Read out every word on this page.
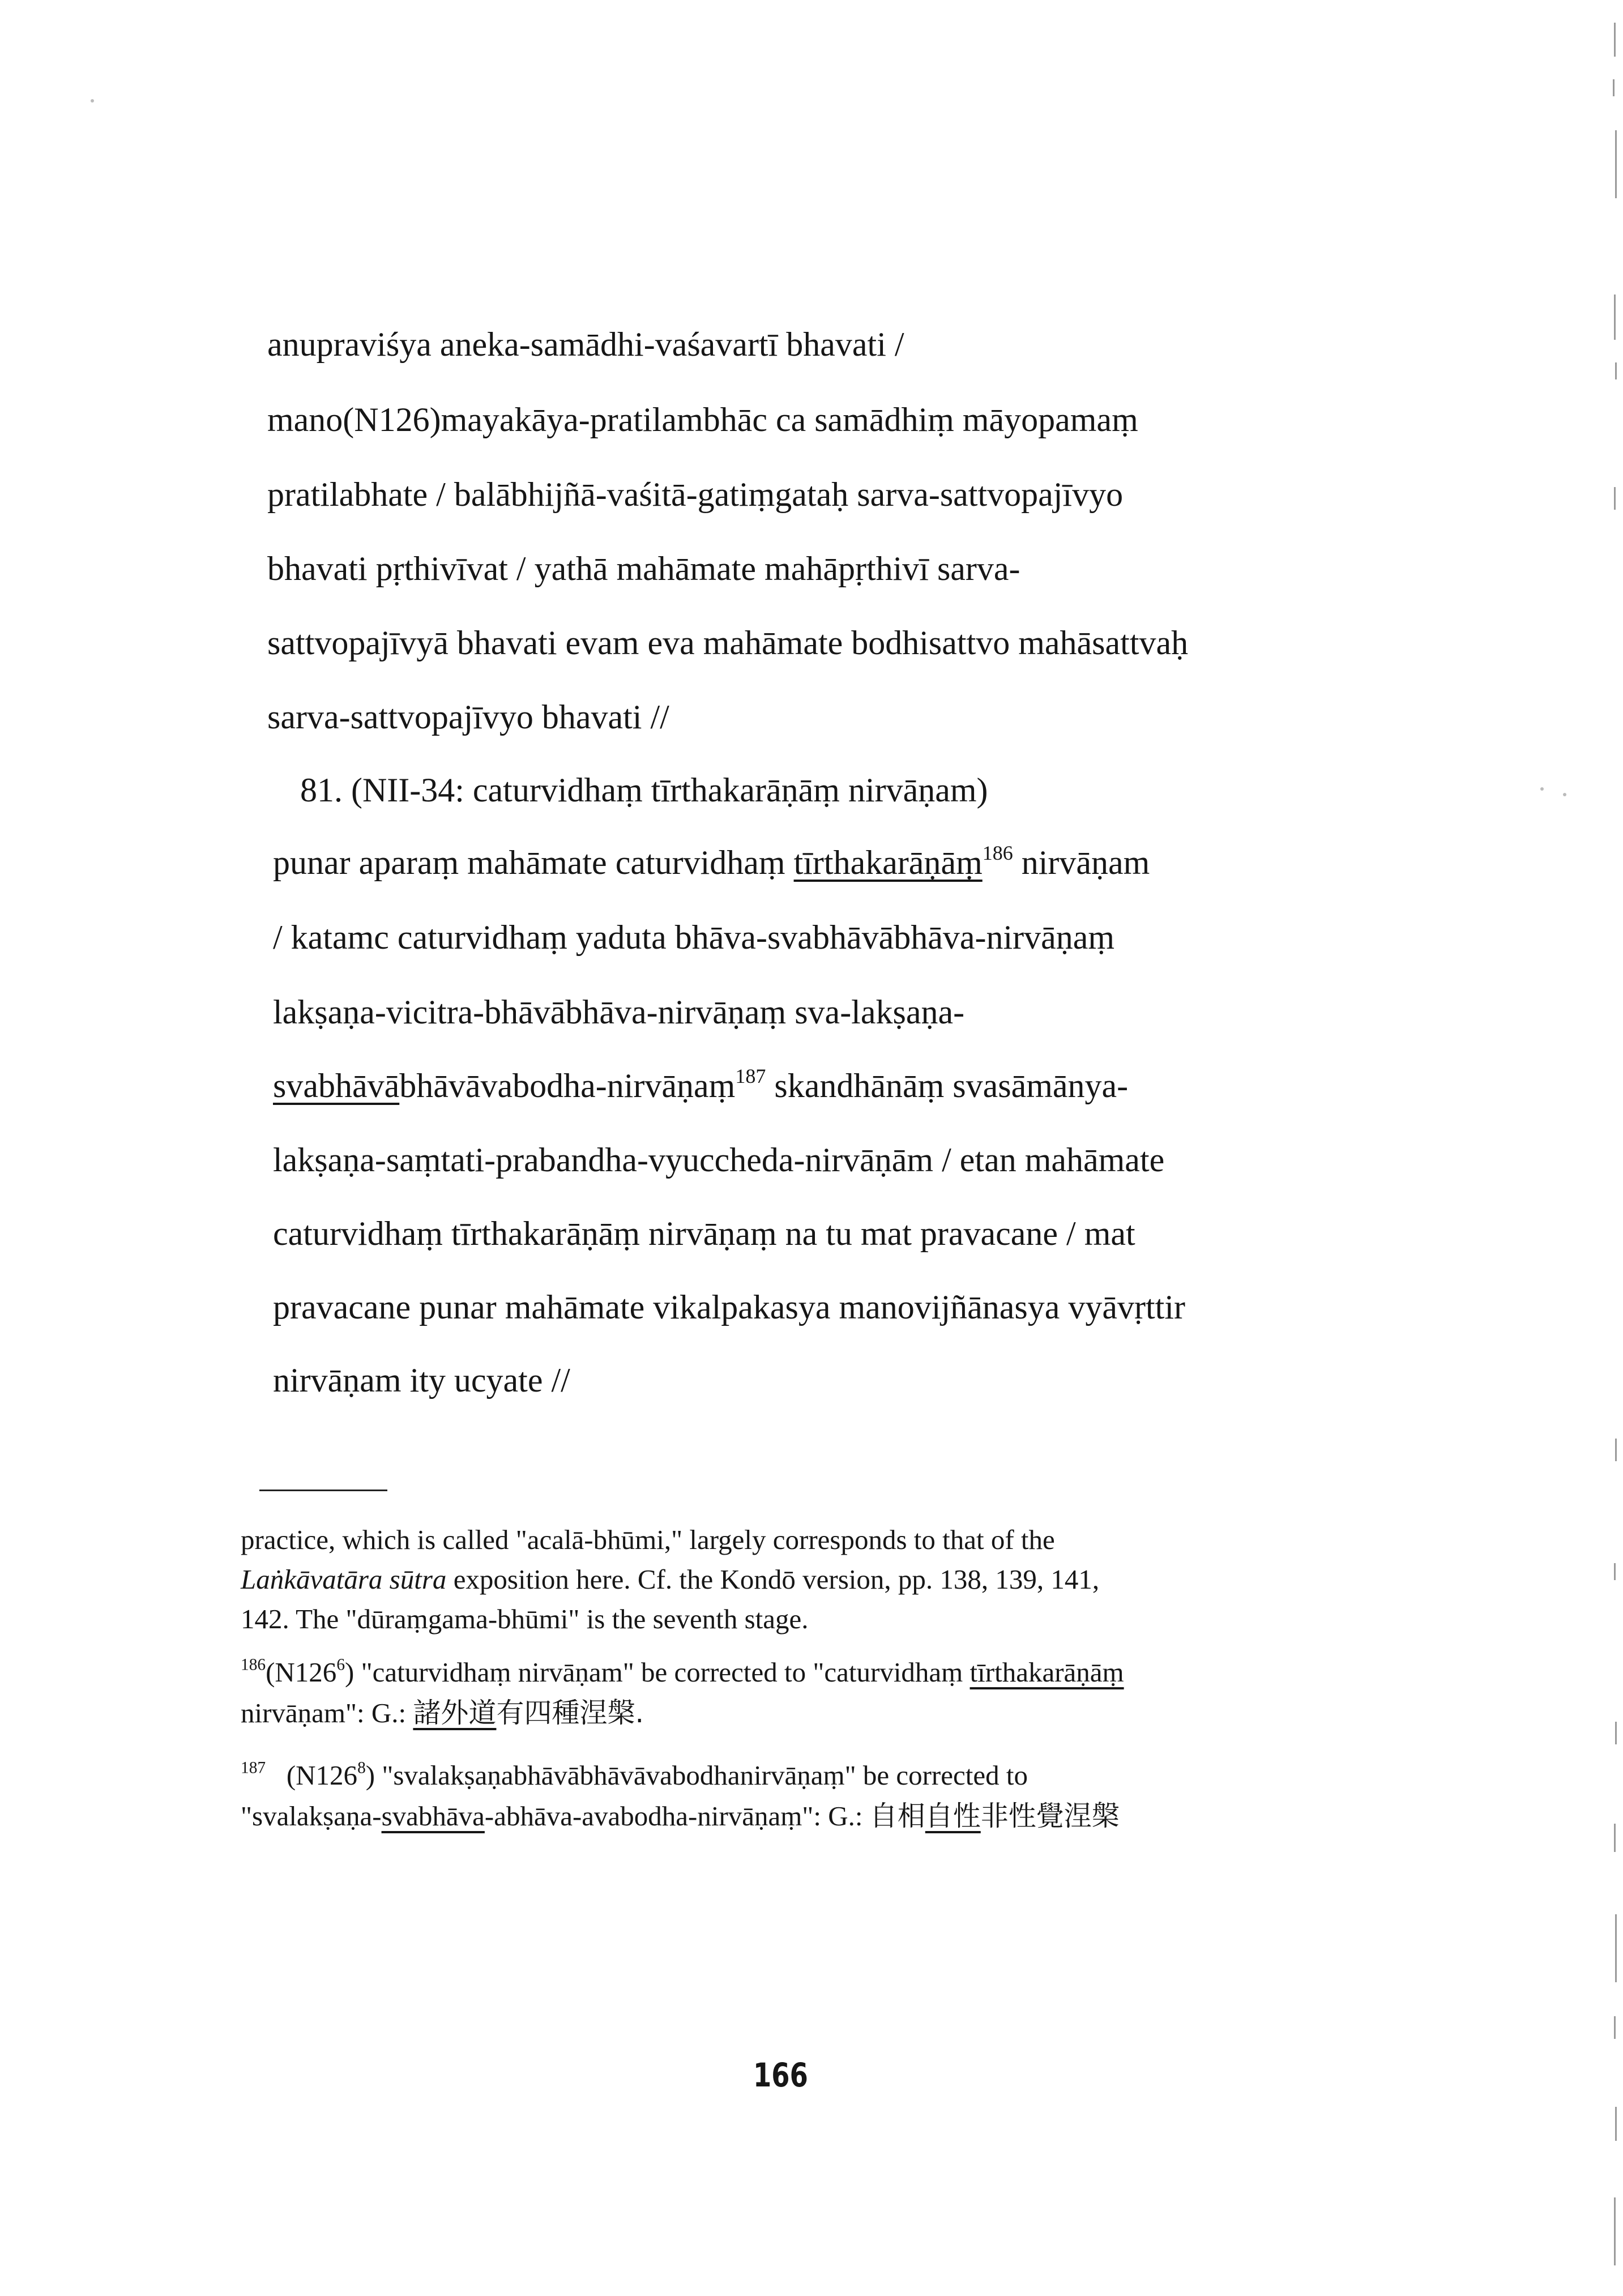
anupraviśya aneka-samādhi-vaśavartī bhavati /
mano(N126)mayakāya-pratilambhāc ca samādhiṃ māyopamaṃ
pratilabhate / balābhijñā-vaśitā-gatiṃgataḥ sarva-sattvopajīvyo
bhavati pṛthivīvat / yathā mahāmate mahāpṛthivī sarva-
sattvopajīvyā bhavati evam eva mahāmate bodhisattvo mahāsattvaḥ
sarva-sattvopajīvyo bhavati //
81. (NII-34: caturvidhaṃ tīrthakarāṇāṃ nirvāṇam)
punar aparaṃ mahāmate caturvidhaṃ tīrthakarāṇāṃ$^{186}$ nirvāṇam
/ katamc caturvidhaṃ yaduta bhāva-svabhāvābhāva-nirvāṇaṃ
lakṣaṇa-vicitra-bhāvābhāva-nirvāṇaṃ sva-lakṣaṇa-
svabhāvābhāvāvabodha-nirvāṇaṃ$^{187}$ skandhānāṃ svasāmānya-
lakṣaṇa-saṃtati-prabandha-vyuccheda-nirvāṇām / etan mahāmate
caturvidhaṃ tīrthakarāṇāṃ nirvāṇaṃ na tu mat pravacane / mat
pravacane punar mahāmate vikalpakasya manovijñānasya vyāvṛttir
nirvāṇam ity ucyate //
practice, which is called "acalā-bhūmi," largely corresponds to that of the
Laṅkāvatāra sūtra exposition here. Cf. the Kondō version, pp. 138, 139, 141,
142. The "dūraṃgama-bhūmi" is the seventh stage.
$^{186}(N126^6)$ "caturvidhaṃ nirvāṇam" be corrected to "caturvidhaṃ tīrthakarāṇāṃ
nirvāṇam": G.: 諸外道有四種涅槃.
$^{187}$ $(N126^8)$ "svalakṣaṇabhāvābhāvāvabodhanirvāṇaṃ" be corrected to
"svalakṣaṇa-svabhāva-abhāva-avabodha-nirvāṇaṃ": G.: 自相自性非性覺涅槃
166
